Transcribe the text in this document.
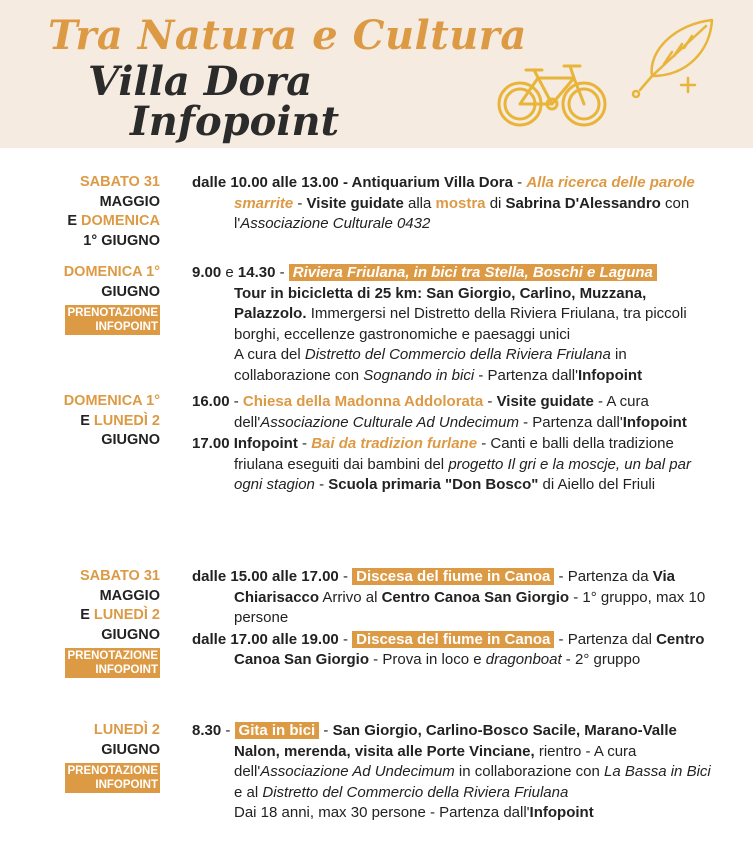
Tra Natura e Cultura
Villa Dora
Infopoint
SABATO 31
MAGGIO
E DOMENICA
1° GIUGNO

dalle 10.00 alle 13.00 - Antiquarium Villa Dora - Alla ricerca delle parole smarrite - Visite guidate alla mostra di Sabrina D'Alessandro con l'Associazione Culturale 0432

DOMENICA 1°
GIUGNO
PRENOTAZIONE
INFOPOINT

9.00 e 14.30 - Riviera Friulana, in bici tra Stella, Boschi e Laguna
Tour in bicicletta di 25 km: San Giorgio, Carlino, Muzzana, Palazzolo. Immergersi nel Distretto della Riviera Friulana, tra piccoli borghi, eccellenze gastronomiche e paesaggi unici
A cura del Distretto del Commercio della Riviera Friulana in collaborazione con Sognando in bici - Partenza dall'Infopoint

DOMENICA 1°
E LUNEDÌ 2
GIUGNO

16.00 - Chiesa della Madonna Addolorata - Visite guidate - A cura dell'Associazione Culturale Ad Undecimum - Partenza dall'Infopoint

17.00 Infopoint - Bai da tradizion furlane - Canti e balli della tradizione friulana eseguiti dai bambini del progetto Il gri e la moscje, un bal par ogni stagion - Scuola primaria "Don Bosco" di Aiello del Friuli

SABATO 31
MAGGIO
E LUNEDÌ 2
GIUGNO
PRENOTAZIONE
INFOPOINT

dalle 15.00 alle 17.00 - Discesa del fiume in Canoa - Partenza da Via Chiarisacco Arrivo al Centro Canoa San Giorgio - 1° gruppo, max 10 persone

dalle 17.00 alle 19.00 - Discesa del fiume in Canoa - Partenza dal Centro Canoa San Giorgio - Prova in loco e dragonboat - 2° gruppo

LUNEDÌ 2
GIUGNO
PRENOTAZIONE
INFOPOINT

8.30 - Gita in bici - San Giorgio, Carlino-Bosco Sacile, Marano-Valle Nalon, merenda, visita alle Porte Vinciane, rientro - A cura dell'Associazione Ad Undecimum in collaborazione con La Bassa in Bici e al Distretto del Commercio della Riviera Friulana
Dai 18 anni, max 30 persone - Partenza dall'Infopoint
